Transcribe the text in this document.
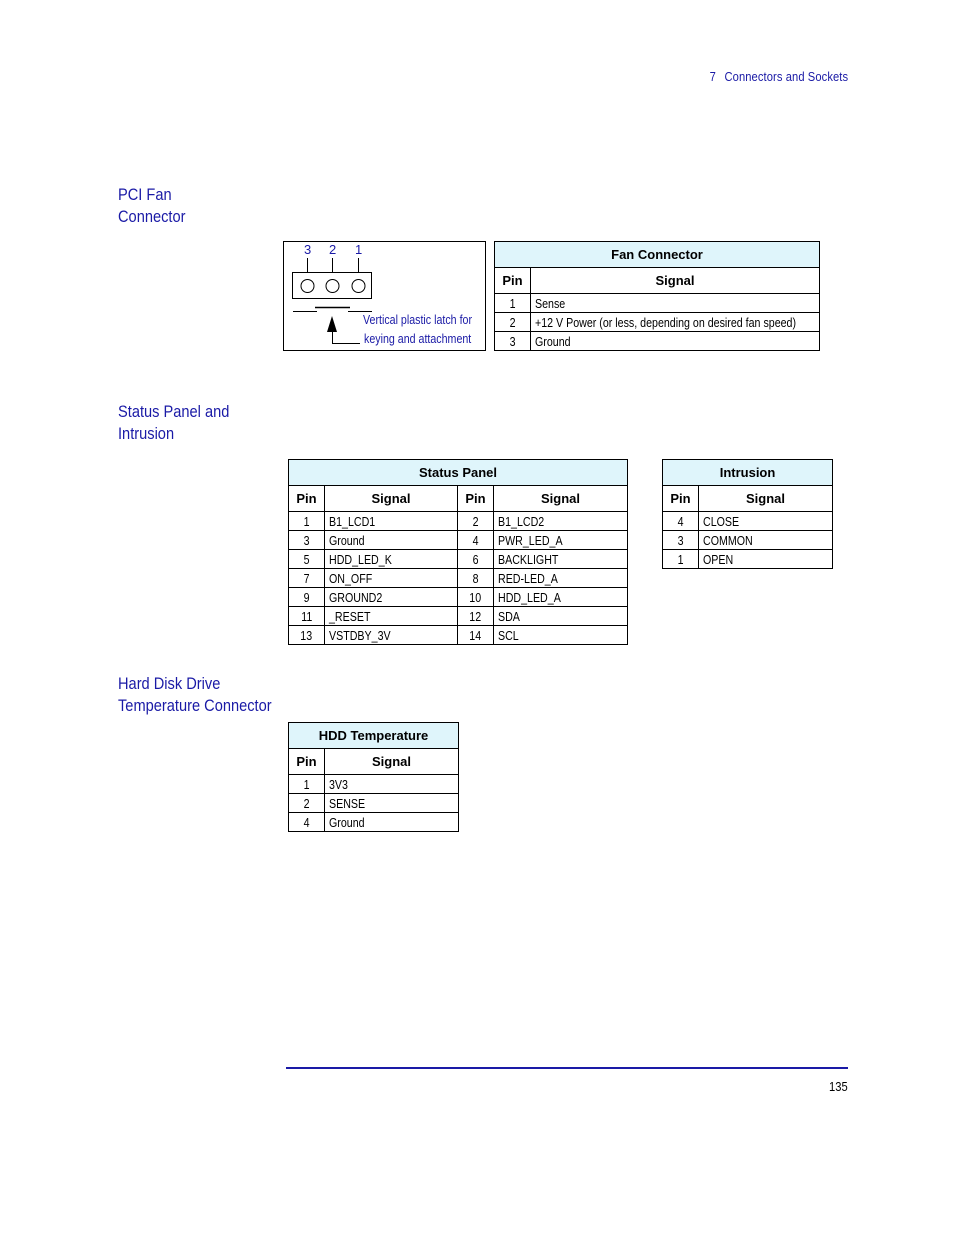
7 Connectors and Sockets
PCI Fan
Connector
3 2 1
Vertical plastic latch for
keying and attachment
Fan Connector	
Pin	Signal
1	Sense
2	+12 V Power (or less, depending on desired fan speed)
3	Ground
Status Panel and
Intrusion
Status Panel			
Pin	Signal	Pin	Signal
1	B1_LCD1	2	B1_LCD2
3	Ground	4	PWR_LED_A
5	HDD_LED_K	6	BACKLIGHT
7	ON_OFF	8	RED-LED_A
9	GROUND2	10	HDD_LED_A
11	_RESET	12	SDA
13	VSTDBY_3V	14	SCL
Intrusion	
Pin	Signal
4	CLOSE
3	COMMON
1	OPEN
Hard Disk Drive
Temperature Connector
HDD Temperature	
Pin	Signal
1	3V3
2	SENSE
4	Ground
135
